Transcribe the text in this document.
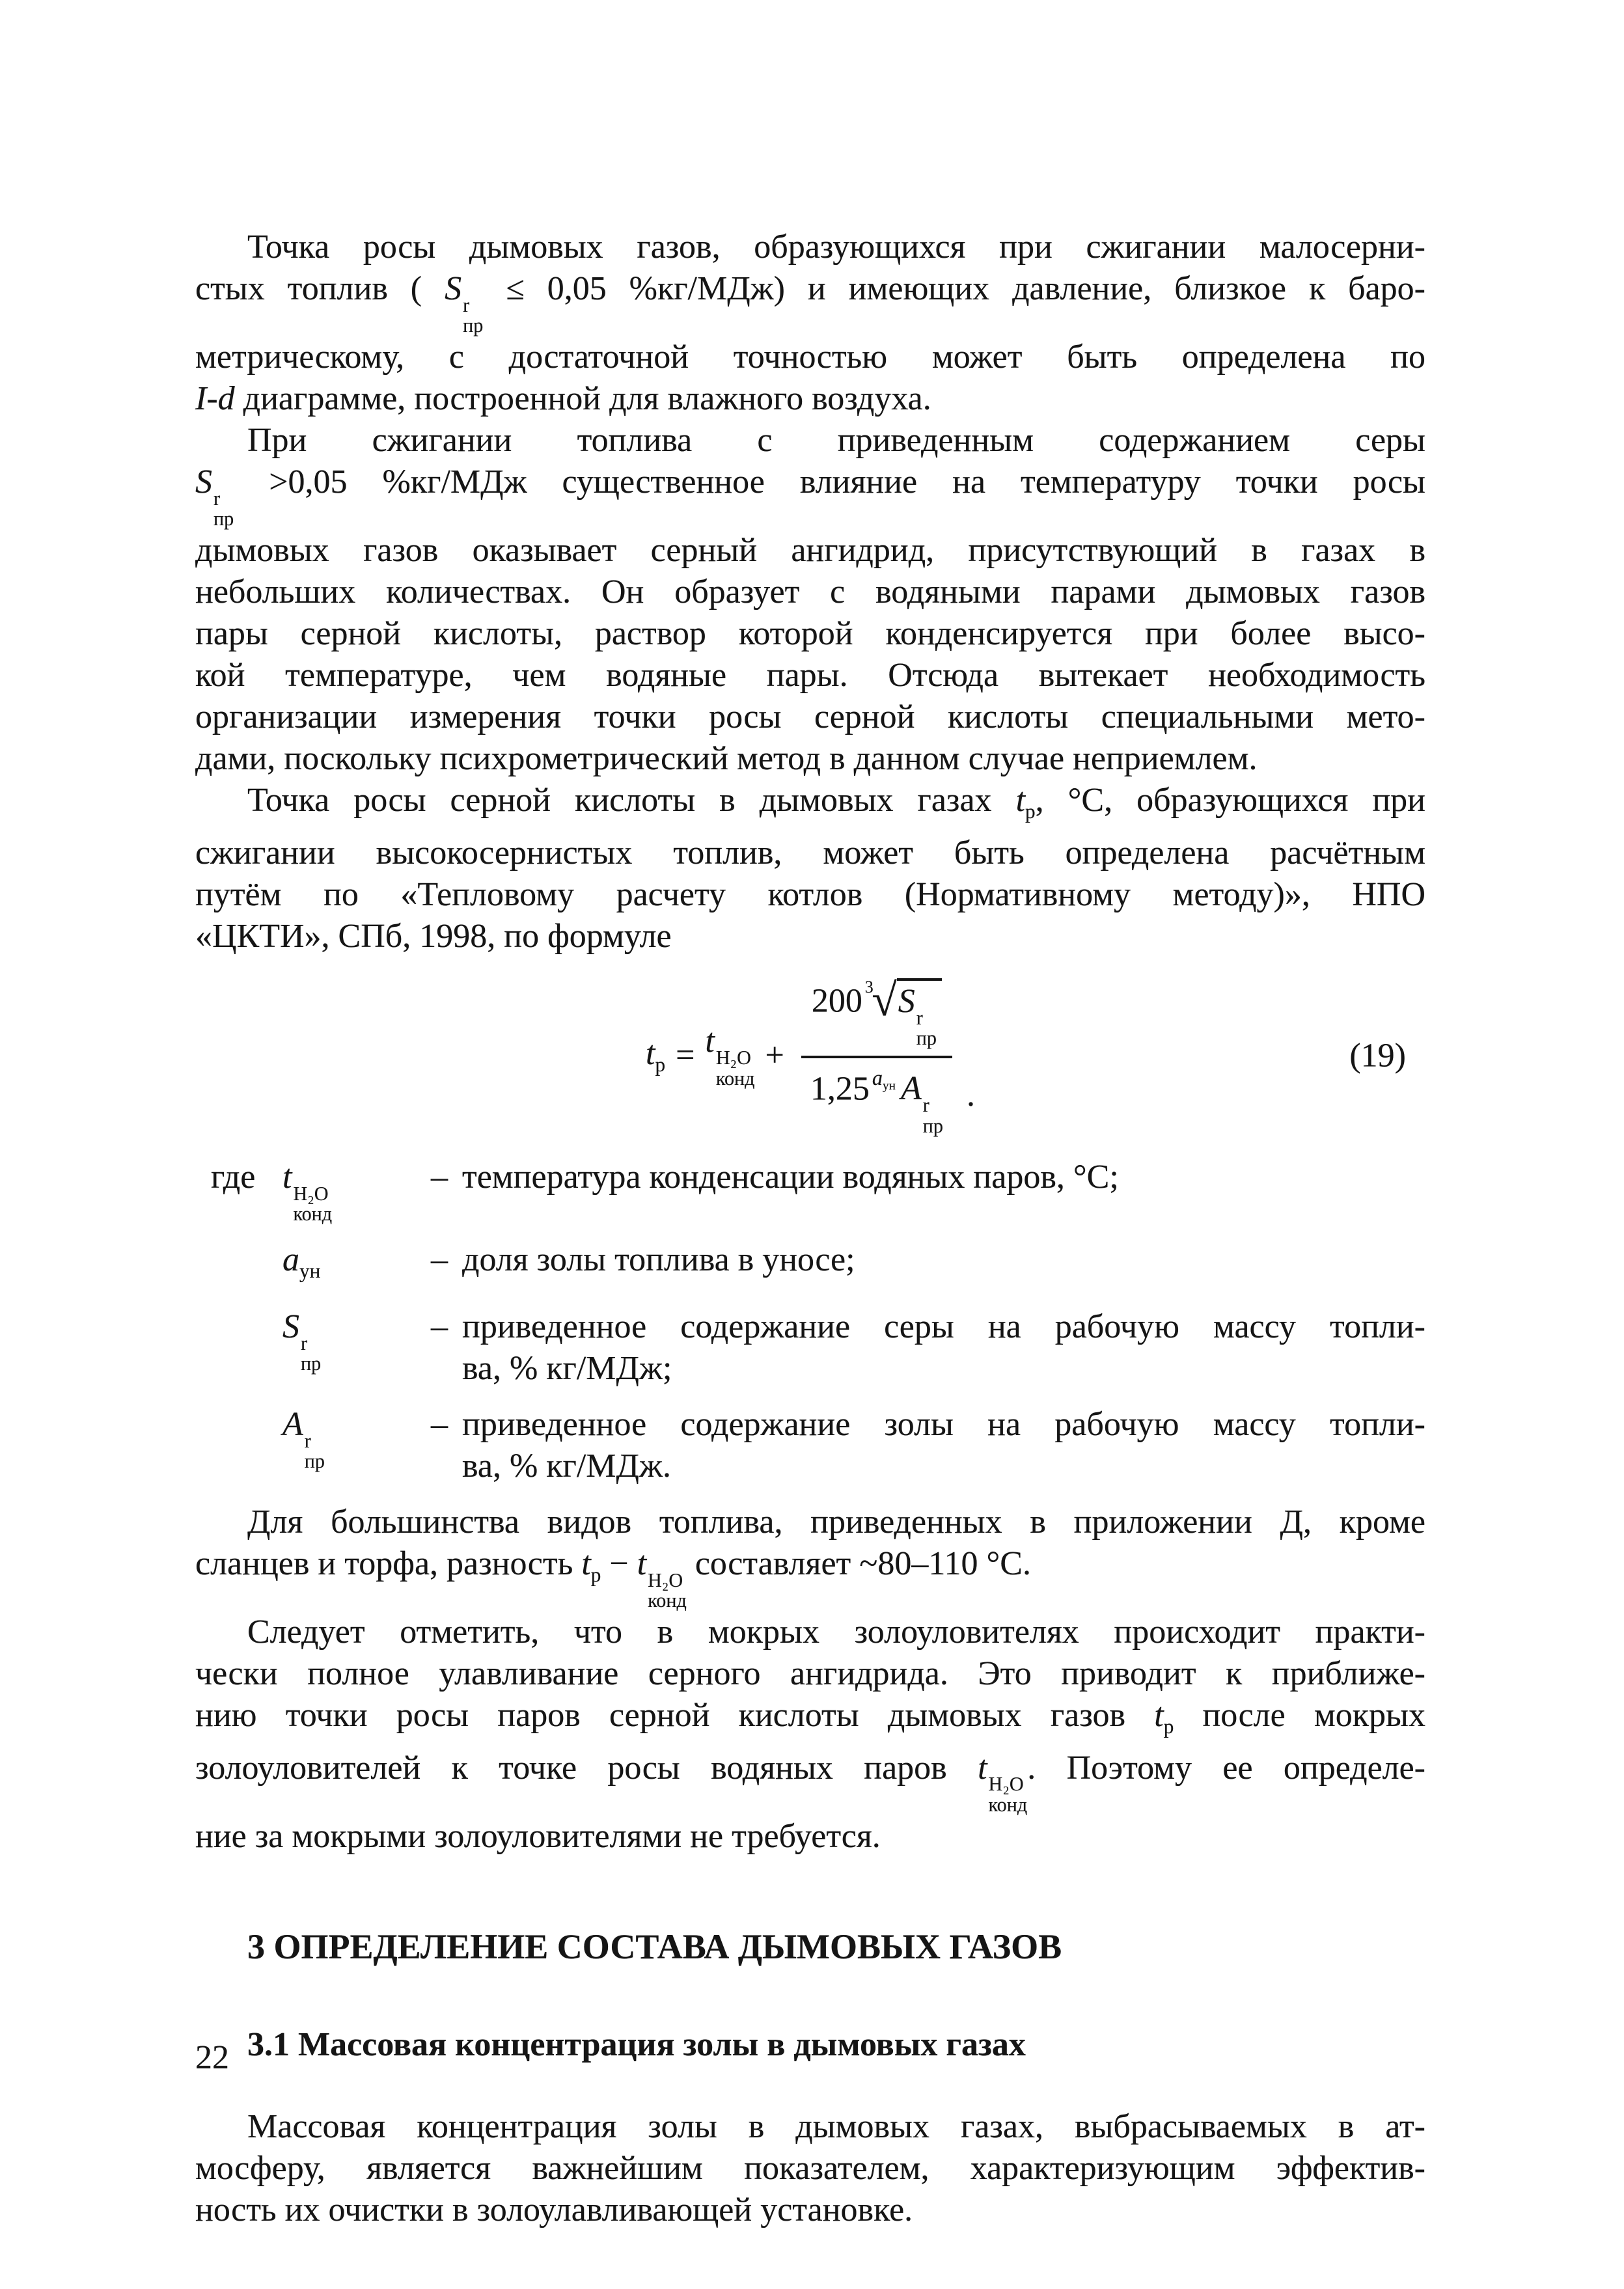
Точка росы дымовых газов, образующихся при сжигании малосерни-
стых топлив ( S r
пр
≤ 0,05 %кг/МДж) и имеющих давление, близкое к баро-
метрическому, с достаточной точностью может быть определена по
I-d диаграмме, построенной для влажного воздуха.
При сжигании топлива с приведенным содержанием серы
S r
пр
>0,05 %кг/МДж существенное влияние на температуру точки росы
дымовых газов оказывает серный ангидрид, присутствующий в газах в
небольших количествах. Он образует с водяными парами дымовых газов
пары серной кислоты, раствор которой конденсируется при более высо-
кой температуре, чем водяные пары. Отсюда вытекает необходимость
организации измерения точки росы серной кислоты специальными мето-
дами, поскольку психрометрический метод в данном случае неприемлем.
Точка росы серной кислоты в дымовых газах $t_р$, °С, образующихся при
сжигании высокосернистых топлив, может быть определена расчётным
путём по «Тепловому расчету котлов (Нормативному методу)», НПО
«ЦКТИ», СПб, 1998, по формуле
$t_р = t$ H₂O
конд
+ 200 $^3$√S r
пр
1,25 $a_{ун}$ A r
пр .
(19)
где t H₂O
конд
– температура конденсации водяных паров, °С;
$a_{ун}$	– доля золы топлива в уносе;
S r
пр
– приведенное содержание серы на рабочую массу топли-
ва, % кг/МДж;
A r
пр
– приведенное содержание золы на рабочую массу топли-
ва, % кг/МДж.
Для большинства видов топлива, приведенных в приложении Д, кроме
сланцев и торфа, разность $t_р - t$ H₂O
конд
составляет ~80–110 °С.
Следует отметить, что в мокрых золоуловителях происходит практи-
чески полное улавливание серного ангидрида. Это приводит к приближе-
нию точки росы паров серной кислоты дымовых газов $t_р$ после мокрых
золоуловителей к точке росы водяных паров t H₂O
конд
. Поэтому ее определе-
ние за мокрыми золоуловителями не требуется.
3 ОПРЕДЕЛЕНИЕ СОСТАВА ДЫМОВЫХ ГАЗОВ
3.1 Массовая концентрация золы в дымовых газах
Массовая концентрация золы в дымовых газах, выбрасываемых в ат-
мосферу, является важнейшим показателем, характеризующим эффектив-
ность их очистки в золоулавливающей установке.
22
